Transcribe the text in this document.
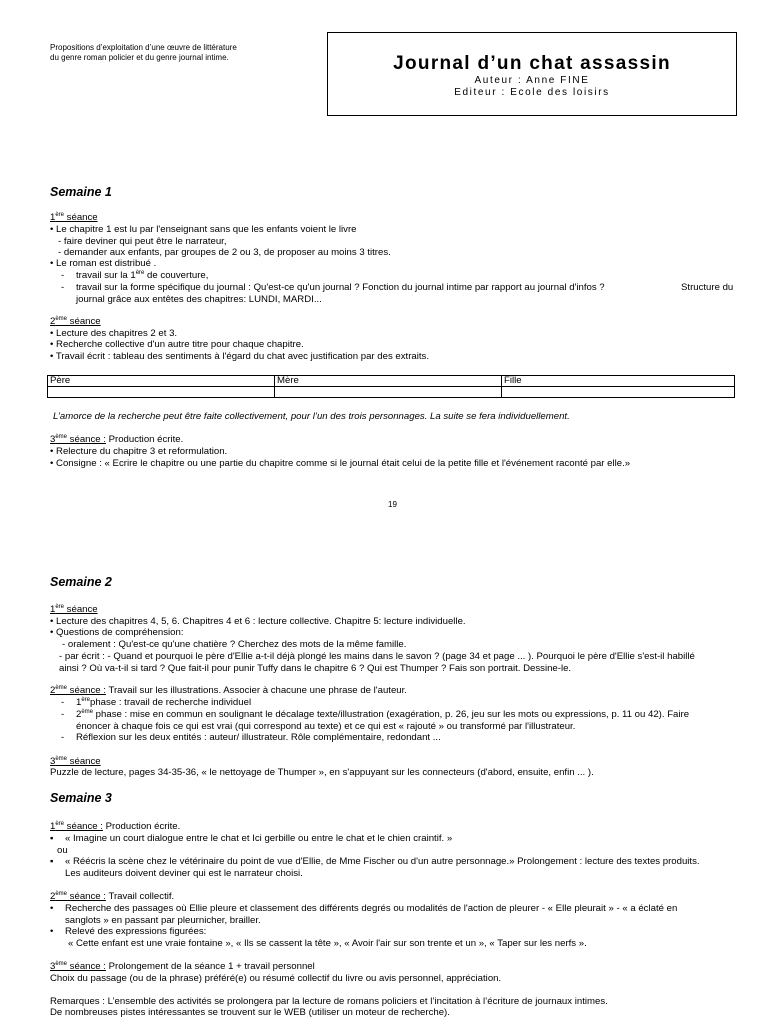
Propositions d’exploitation d’une œuvre de littérature
du genre roman policier et du genre journal intime.	Journal d’un chat assassin
Auteur : Anne FINE
Editeur : Ecole des loisirs
Semaine 1
1ère séance
• Le chapitre 1 est lu par l'enseignant sans que les enfants voient le livre
- faire deviner qui peut être le narrateur,
- demander aux enfants, par groupes de 2 ou 3, de proposer au moins 3 titres.
• Le roman est distribué .
- travail sur la 1ère de couverture,
- travail sur la forme spécifique du journal : Qu'est-ce qu'un journal ? Fonction du journal intime par rapport au journal d'infos ?	Structure du
journal grâce aux entêtes des chapitres: LUNDI, MARDI...
2ème séance
• Lecture des chapitres 2 et 3.
• Recherche collective d'un autre titre pour chaque chapitre.
• Travail écrit : tableau des sentiments à l'égard du chat avec justification par des extraits.
Père	Mère	Fille

L’amorce de la recherche peut être faite collectivement, pour l’un des trois personnages. La suite se fera individuellement.
3ème séance : Production écrite.
• Relecture du chapitre 3 et reformulation.
• Consigne : « Ecrire le chapitre ou une partie du chapitre comme si le journal était celui de la petite fille et l'événement raconté par elle.»
19
Semaine 2
1ère séance
• Lecture des chapitres 4, 5, 6. Chapitres 4 et 6 : lecture collective. Chapitre 5: lecture individuelle.
• Questions de compréhension:
- oralement : Qu'est-ce qu'une chatière ? Cherchez des mots de la même famille.
- par écrit : - Quand et pourquoi le père d'Ellie a-t-il déjà plongé les mains dans le savon ? (page 34 et page ... ). Pourquoi le père d'Ellie s'est-il habillé
ainsi ? Où va-t-il si tard ? Que fait-il pour punir Tuffy dans le chapitre 6 ? Qui est Thumper ? Fais son portrait. Dessine-le.
2ème séance : Travail sur les illustrations. Associer à chacune une phrase de l'auteur.
- 1èrephase : travail de recherche individuel
- 2ème phase : mise en commun en soulignant le décalage texte/illustration (exagération, p. 26, jeu sur les mots ou expressions, p. 11 ou 42). Faire
énoncer à chaque fois ce qui est vrai (qui correspond au texte) et ce qui est « rajouté » ou transformé par l'illustrateur.
- Réflexion sur les deux entités : auteur/ illustrateur. Rôle complémentaire, redondant ...
3ème séance
Puzzle de lecture, pages 34-35-36, « le nettoyage de Thumper », en s'appuyant sur les connecteurs (d'abord, ensuite, enfin ... ).
Semaine 3
1ère séance : Production écrite.
▪ « Imagine un court dialogue entre le chat et Ici gerbille ou entre le chat et le chien craintif. »
ou
▪ « Réécris la scène chez le vétérinaire du point de vue d'Ellie, de Mme Fischer ou d'un autre personnage.» Prolongement : lecture des textes produits.
Les auditeurs doivent deviner qui est le narrateur choisi.
2ème séance : Travail collectif.
• Recherche des passages où Ellie pleure et classement des différents degrés ou modalités de l'action de pleurer - « Elle pleurait » - « a éclaté en
sanglots » en passant par pleurnicher, brailler.
• Relevé des expressions figurées:
« Cette enfant est une vraie fontaine », « Ils se cassent la tête », « Avoir l'air sur son trente et un », « Taper sur les nerfs ».
3ème séance : Prolongement de la séance 1 + travail personnel
Choix du passage (ou de la phrase) préféré(e) ou résumé collectif du livre ou avis personnel, appréciation.
Remarques : L’ensemble des activités se prolongera par la lecture de romans policiers et l’incitation à l’écriture de journaux intimes.
De nombreuses pistes intéressantes se trouvent sur le WEB (utiliser un moteur de recherche).
